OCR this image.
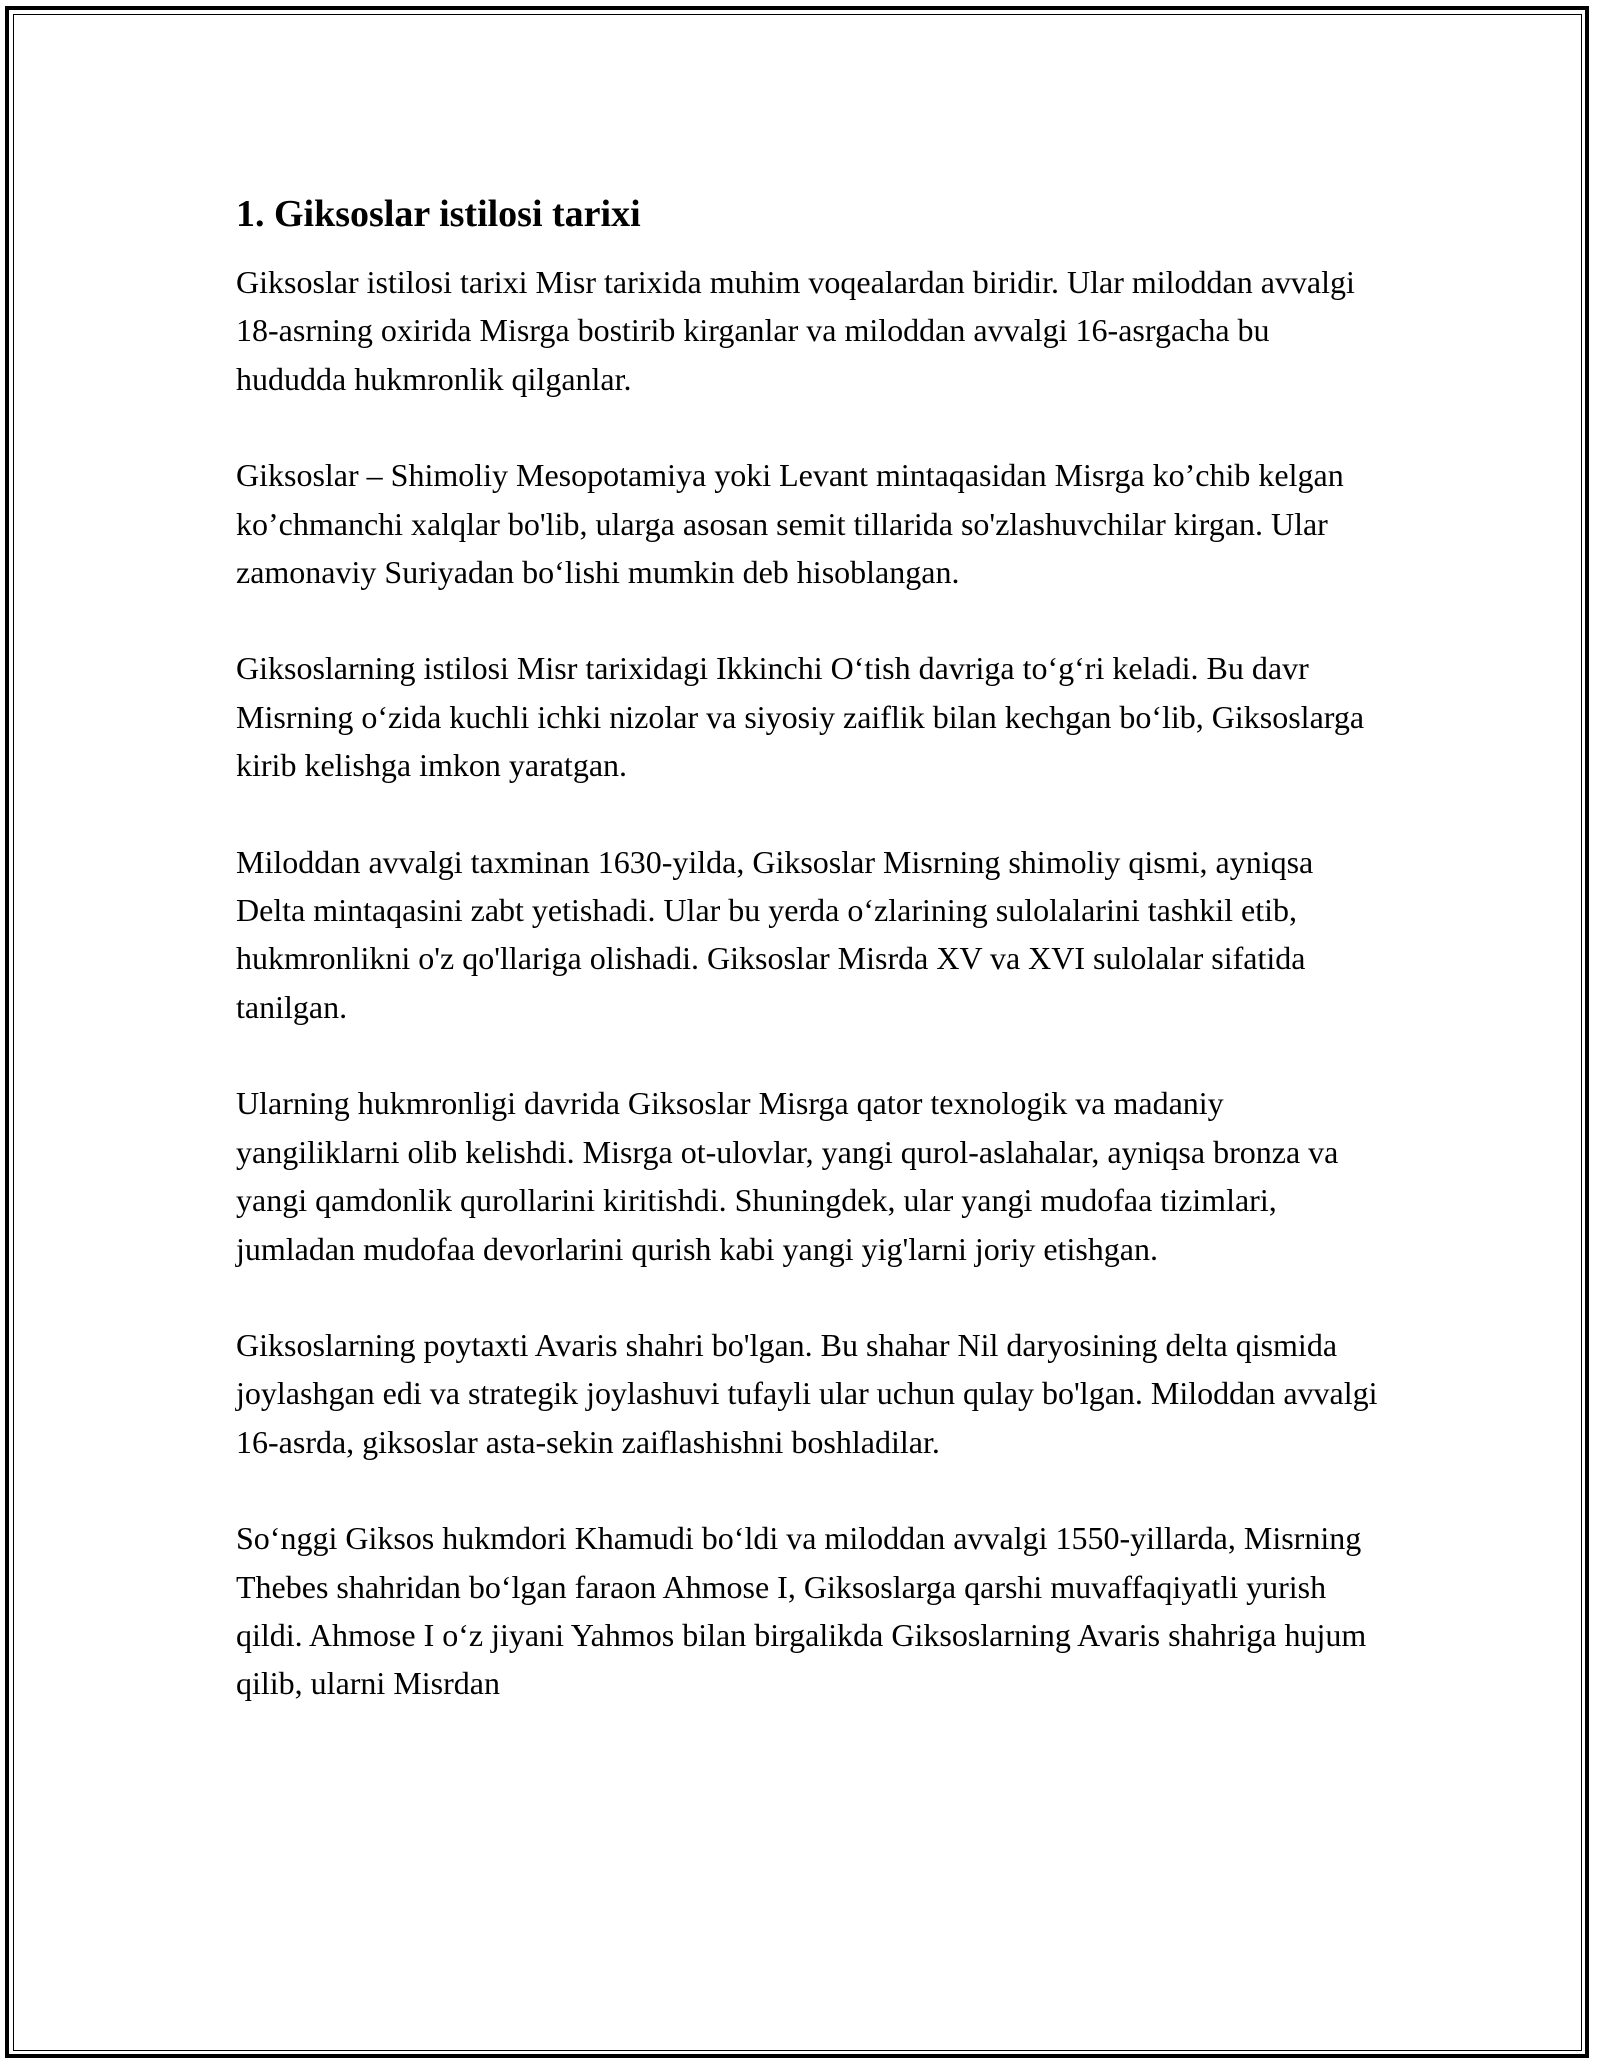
1. Giksoslar istilosi tarixi

Giksoslar istilosi tarixi Misr tarixida muhim voqealardan biridir. Ular miloddan avvalgi 18-asrning oxirida Misrga bostirib kirganlar va miloddan avvalgi 16-asrgacha bu hududda hukmronlik qilganlar.

Giksoslar – Shimoliy Mesopotamiya yoki Levant mintaqasidan Misrga ko’chib kelgan ko’chmanchi xalqlar bo'lib, ularga asosan semit tillarida so'zlashuvchilar kirgan. Ular zamonaviy Suriyadan boʻlishi mumkin deb hisoblangan.

Giksoslarning istilosi Misr tarixidagi Ikkinchi Oʻtish davriga toʻgʻri keladi. Bu davr Misrning oʻzida kuchli ichki nizolar va siyosiy zaiflik bilan kechgan boʻlib, Giksoslarga kirib kelishga imkon yaratgan.

Miloddan avvalgi taxminan 1630-yilda, Giksoslar Misrning shimoliy qismi, ayniqsa Delta mintaqasini zabt yetishadi. Ular bu yerda oʻzlarining sulolalarini tashkil etib, hukmronlikni o'z qo'llariga olishadi. Giksoslar Misrda XV va XVI sulolalar sifatida tanilgan.

Ularning hukmronligi davrida Giksoslar Misrga qator texnologik va madaniy yangiliklarni olib kelishdi. Misrga ot-ulovlar, yangi qurol-aslahalar, ayniqsa bronza va yangi qamdonlik qurollarini kiritishdi. Shuningdek, ular yangi mudofaa tizimlari, jumladan mudofaa devorlarini qurish kabi yangi yig'larni joriy etishgan.

Giksoslarning poytaxti Avaris shahri bo'lgan. Bu shahar Nil daryosining delta qismida joylashgan edi va strategik joylashuvi tufayli ular uchun qulay bo'lgan. Miloddan avvalgi 16-asrda, giksoslar asta-sekin zaiflashishni boshladilar.

Soʻnggi Giksos hukmdori Khamudi boʻldi va miloddan avvalgi 1550-yillarda, Misrning Thebes shahridan boʻlgan faraon Ahmose I, Giksoslarga qarshi muvaffaqiyatli yurish qildi. Ahmose I oʻz jiyani Yahmos bilan birgalikda Giksoslarning Avaris shahriga hujum qilib, ularni Misrdan
